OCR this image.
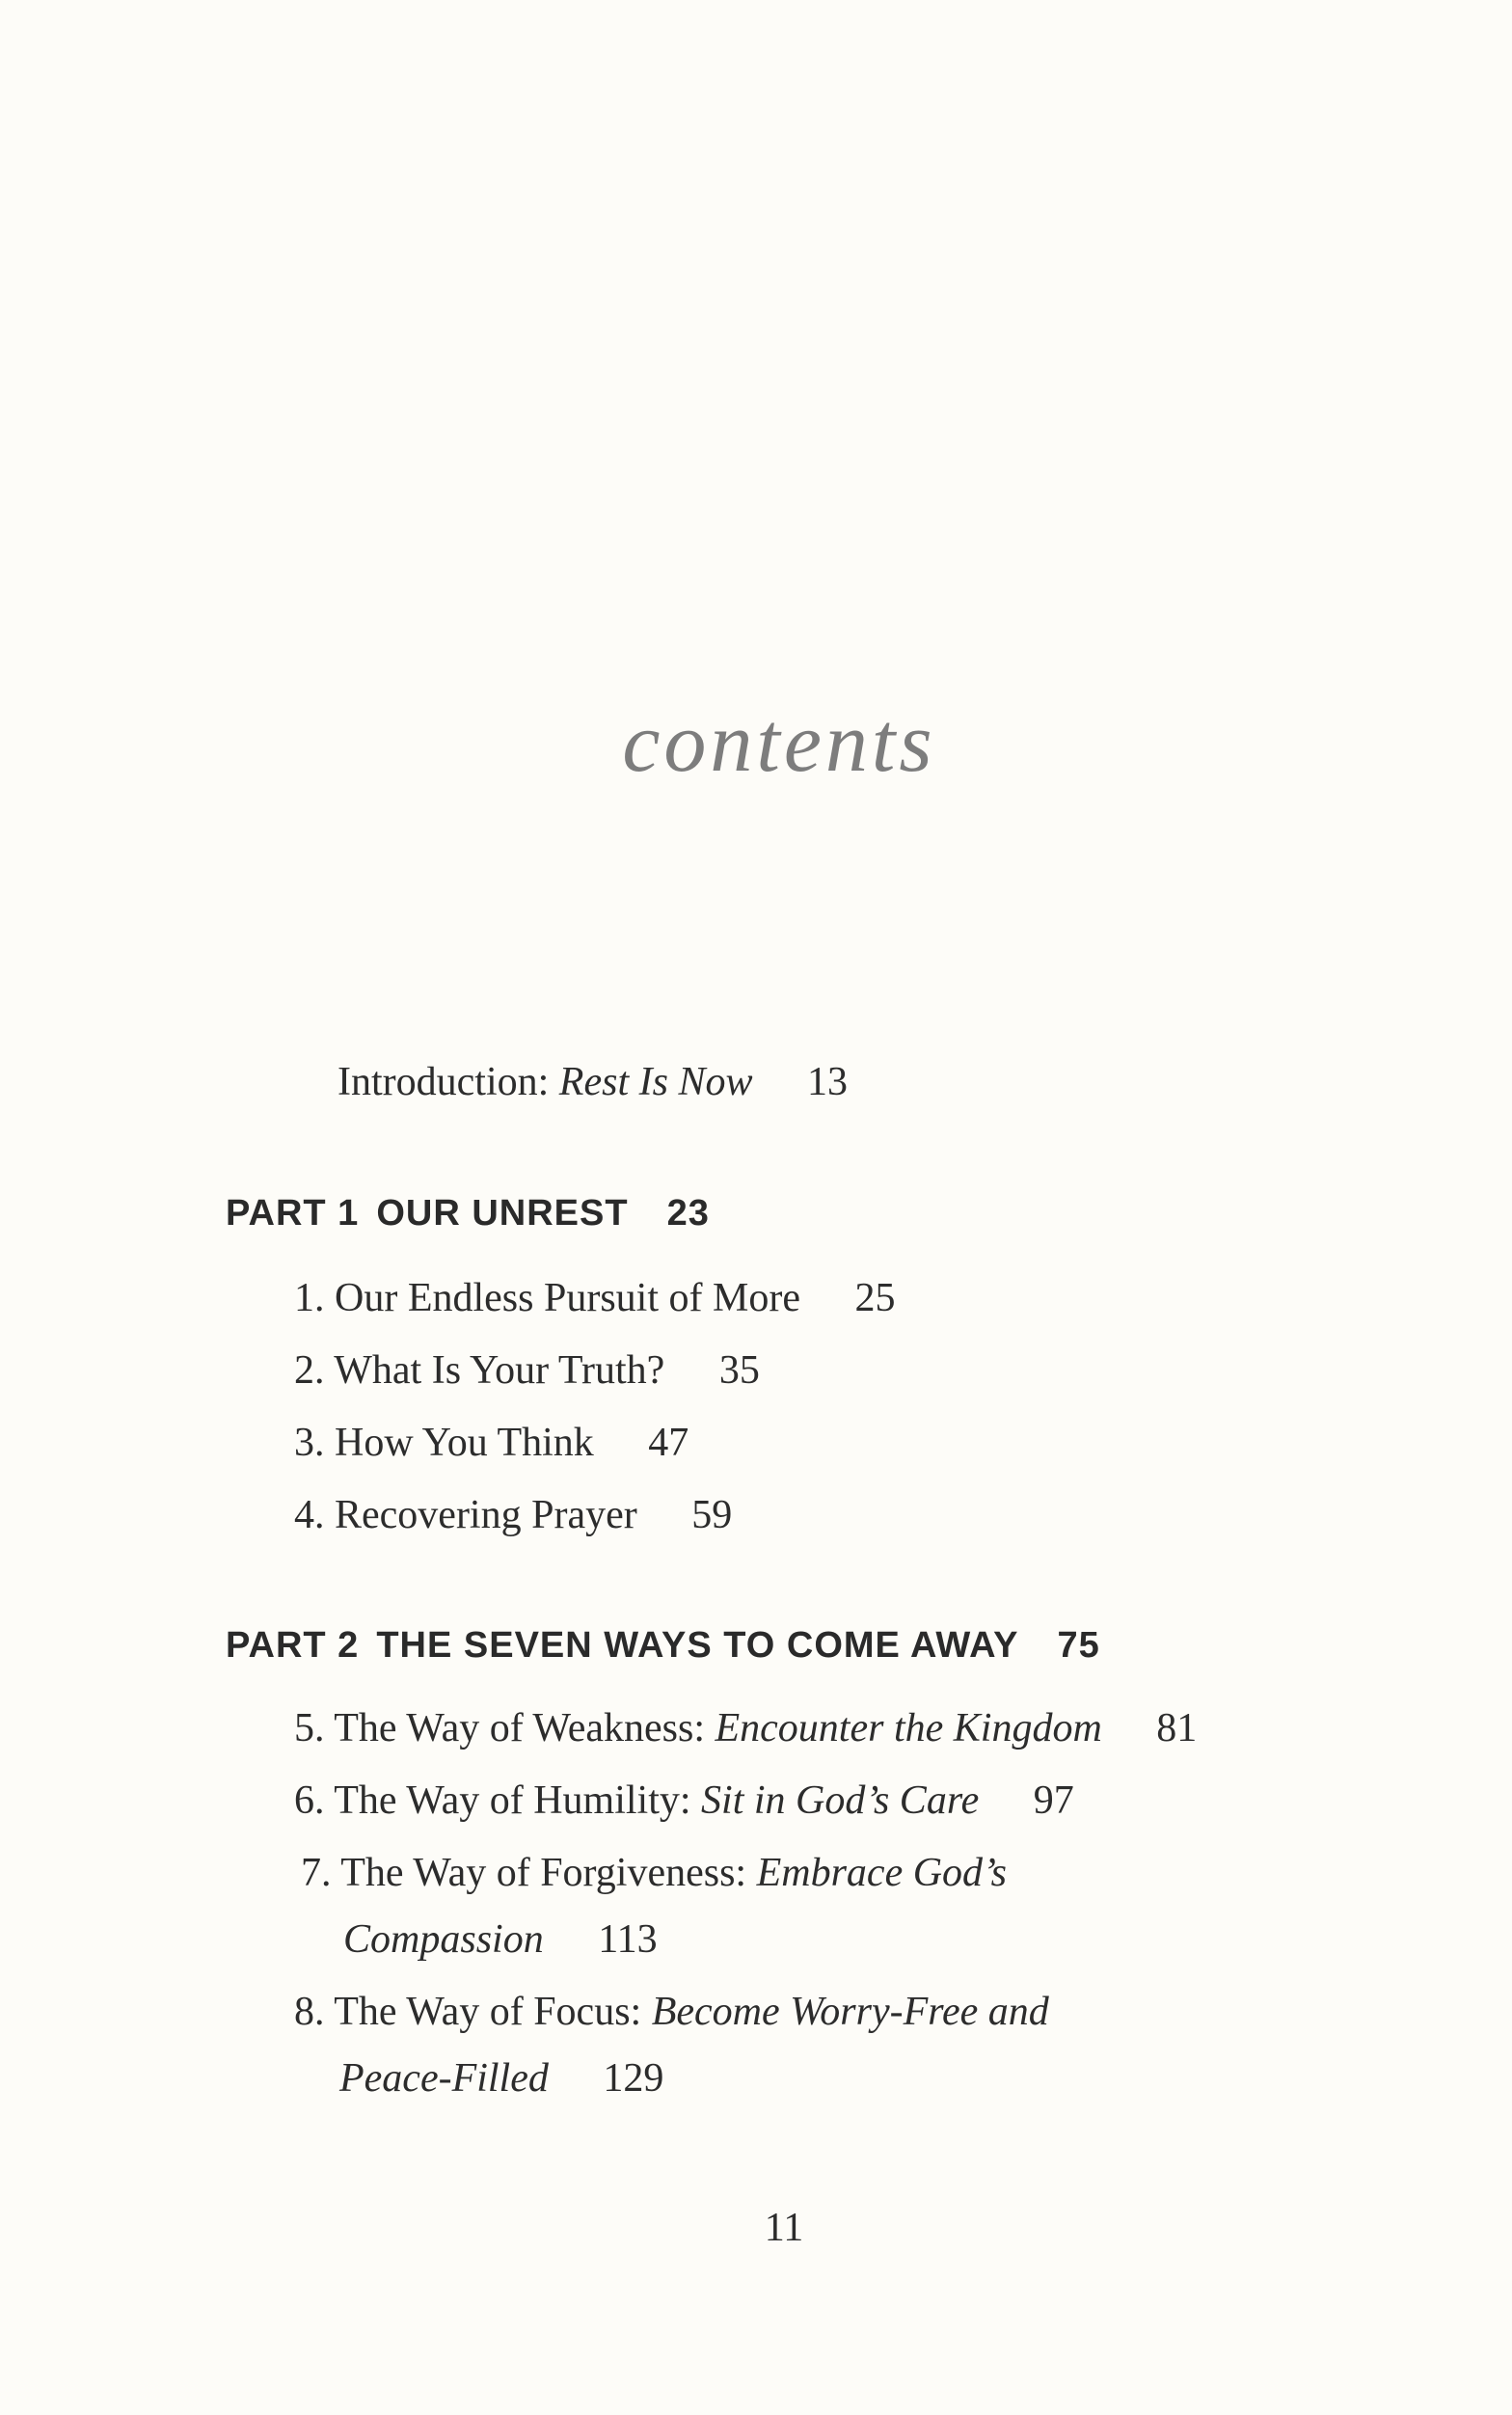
contents
Introduction: Rest Is Now 13
PART 1 OUR UNREST 23
1. Our Endless Pursuit of More 25
2. What Is Your Truth? 35
3. How You Think 47
4. Recovering Prayer 59
PART 2 THE SEVEN WAYS TO COME AWAY 75
5. The Way of Weakness: Encounter the Kingdom 81
6. The Way of Humility: Sit in God’s Care 97
7. The Way of Forgiveness: Embrace God’s
Compassion 113
8. The Way of Focus: Become Worry-Free and
Peace-Filled 129
11
